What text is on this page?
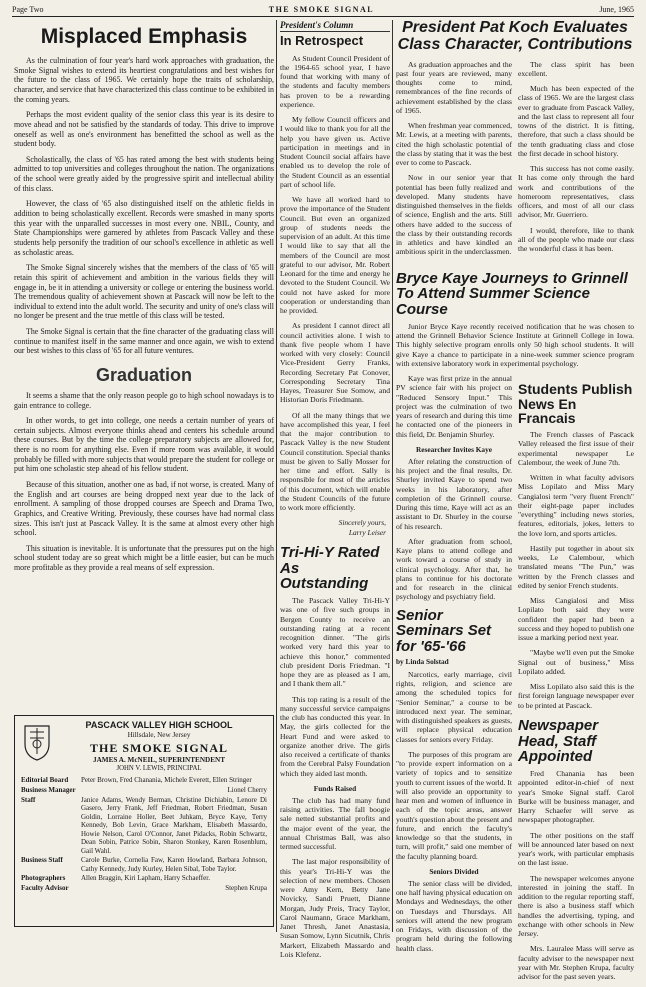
Page Two	THE SMOKE SIGNAL	June, 1965
Misplaced Emphasis

As the culmination of four year's hard work approaches with graduation, the Smoke Signal wishes to extend its heartiest congratulations and best wishes for the future to the class of 1965. We certainly hope the traits of scholarship, character, and service that have characterized this class continue to be exhibited in the coming years.

Perhaps the most evident quality of the senior class this year is its desire to move ahead and not be satisfied by the standards of today. This drive to improve oneself as well as one's environment has benefitted the school as well as the student body.

Scholastically, the class of '65 has rated among the best with students being admitted to top universities and colleges throughout the nation. The organizations of the school were greatly aided by the progressive spirit and intellectual ability of this class.

However, the class of '65 also distinguished itself on the athletic fields in addition to being scholastically excellent. Records were smashed in many sports this year with the unparalled successes in most every one. NBIL, County, and State Championships were garnered by athletes from Pascack Valley and these students help personify the tradition of our school's excellence in athletic as well as scholastic areas.

The Smoke Signal sincerely wishes that the members of the class of '65 will retain this spirit of achievement and ambition in the various fields they will engage in, be it in attending a university or college or entering the business world. The tremendous quality of achievement shown at Pascack will now be left to the individual to extend into the adult world. The security and unity of one's class will no longer be present and the true mettle of this class will be tested.

The Smoke Signal is certain that the fine character of the graduating class will continue to manifest itself in the same manner and once again, we wish to extend our best wishes to this class of '65 for all future ventures.

Graduation

It seems a shame that the only reason people go to high school nowadays is to gain entrance to college.

In other words, to get into college, one needs a certain number of years of certain subjects. Almost everyone thinks ahead and centers his schedule around these courses. But by the time the college preparatory subjects are allowed for, there is no room for anything else. Even if more room was available, it would probably be filled with more subjects that would prepare the student for college or put him one scholastic step ahead of his fellow student.

Because of this situation, another one as bad, if not worse, is created. Many of the English and art courses are being dropped next year due to the lack of enrollment. A sampling of those dropped courses are Speech and Drama Two, Graphics, and Creative Writing. Previously, these courses have had normal class sizes. This isn't just at Pascack Valley. It is the same at almost every other high school.

This situation is inevitable. It is unfortunate that the pressures put on the high school student today are so great which might be a little easier, but can be much more profitable as they provide a real means of self expression.

PASCACK VALLEY HIGH SCHOOL
Hillsdale, New Jersey
THE SMOKE SIGNAL
JAMES A. McNEIL, SUPERINTENDENT
JOHN V. LEWIS, PRINCIPAL
Editorial Board	Peter Brown, Fred Chanania, Michele Everett, Ellen Stringer
Business Manager	Lionel Cherry
Staff	Janice Adams, Wendy Berman, Christine Dichiabin, Lenore Di Gasero, Jerry Frank, Jeff Friedman, Robert Friedman, Susan Goldin, Lorraine Holler, Beet Juhkam, Bryce Kaye, Terry Kennedy, Bob Levin, Grace Markham, Elisabeth Massardo, Howie Nelson, Carol O'Connor, Janet Pidacks, Robin Schwartz, Dean Sobin, Patrice Sobin, Sharon Stonkey, Karen Rosenblum, Gail Wahl.
Business Staff	Carole Burke, Cornelia Faw, Karen Howland, Barbara Johnson, Cathy Kennedy, Judy Kurley, Helen Sibal, Tobe Taylor.
Photographers	Allen Braggin, Kiri Lapham, Harry Schaeffer.
Faculty Advisor	Stephen Krupa
President's Column
In Retrospect

As Student Council President of the 1964-65 school year, I have found that working with many of the students and faculty members has proven to be a rewarding experience.

My fellow Council officers and I would like to thank you for all the help you have given us. Active participation in meetings and in Student Council social affairs have enabled us to develop the role of the Student Council as an essential part of school life.

We have all worked hard to prove the importance of the Student Council. But even an organized group of students needs the supervision of an adult. At this time I would like to say that all the members of the Council are most grateful to our advisor, Mr. Robert Leonard for the time and energy he devoted to the Student Council. We could not have asked for more cooperation or understanding than he provided.

As president I cannot direct all council activities alone. I wish to thank five people whom I have worked with very closely: Council Vice-President Gerry Franks, Recording Secretary Pat Conover, Corresponding Secretary Tina Hayes, Treasurer Sue Somow, and Historian Doris Friedmann.

Of all the many things that we have accomplished this year, I feel that the major contribution to Pascack Valley is the new Student Council constitution. Special thanks must be given to Sally Mosser for her time and effort. Sally is responsible for most of the articles of this document, which will enable the Student Councils of the future to work more efficiently.

Sincerely yours,
Larry Leiser
Tri-Hi-Y Rated As Outstanding

The Pascack Valley Tri-Hi-Y was one of five such groups in Bergen County to receive an outstanding rating at a recent recognition dinner. "The girls worked very hard this year to achieve this honor," commented club president Doris Friedman. "I hope they are as pleased as I am, and I thank them all."

This top rating is a result of the many successful service campaigns the club has conducted this year. In May, the girls collected for the Heart Fund and were asked to organize another drive. The girls also received a certificate of thanks from the Cerebral Palsy Foundation which they aided last month.

Funds Raised

The club has had many fund raising activities. The fall boogie sale netted substantial profits and the major event of the year, the annual Christmas Ball, was also termed successful.

The last major responsibility of this year's Tri-Hi-Y was the selection of new members. Chosen were Amy Kern, Betty Jane Novicky, Sandi Pruett, Dianne Morgan, Judy Preis, Tracy Taylor, Carol Naumann, Grace Markham, Janet Thresh, Janet Anastasia, Susan Somow, Lynn Sicutnik, Chris Markert, Elizabeth Massardo and Lois Klefenz.

President Pat Koch Evaluates Class Character, Contributions

As graduation approaches and the past four years are reviewed, many thoughts come to mind, remembrances of the fine records of achievement established by the class of 1965.

When freshman year commenced, Mr. Lewis, at a meeting with parents, cited the high scholastic potential of the class by stating that it was the best ever to come to Pascack.

Now in our senior year that potential has been fully realized and developed. Many students have distinguished themselves in the fields of science, English and the arts. Still others have added to the success of the class by their outstanding records in athletics and have kindled an ambitious spirit in the underclassmen.

The class spirit has been excellent.

Much has been expected of the class of 1965. We are the largest class ever to graduate from Pascack Valley, and the last class to represent all four towns of the district. It is fitting, therefore, that such a class should be the tenth graduating class and close the first decade in school history.

This success has not come easily. It has come only through the hard work and contributions of the homeroom representatives, class officers, and most of all our class advisor, Mr. Guerriero.

I would, therefore, like to thank all of the people who made our class the wonderful class it has been.

Bryce Kaye Journeys to Grinnell To Attend Summer Science Course

Junior Bryce Kaye recently received notification that he was chosen to attend the Grinnell Behavior Science Institute at Grinnell College in Iowa. This highly selective program enrolls only 50 high school students. It will give Kaye a chance to participate in a nine-week summer science program with extensive laboratory work in experimental psychology.

Kaye was first prize in the annual PV science fair with his project on "Reduced Sensory Input." This project was the culmination of two years of research and during this time he contacted one of the pioneers in this field, Dr. Benjamin Shurley.

Researcher Invites Kaye

After relating the construction of his project and the final results, Dr. Shurley invited Kaye to spend two weeks in his laboratory, after completion of the Grinnell course. During this time, Kaye will act as an assistant to Dr. Shurley in the course of his research.

After graduation from school, Kaye plans to attend college and work toward a course of study in clinical psychology. After that, he plans to continue for his doctorate and for research in the clinical psychology and psychiatry field.

Senior Seminars Set for '65-'66
by Linda Solstad

Narcotics, early marriage, civil rights, religion, and science are among the scheduled topics for "Senior Seminar," a course to be introduced next year. The seminar, with distinguished speakers as guests, will replace physical education classes for seniors every Friday.

The purposes of this program are "to provide expert information on a variety of topics and to sensitize youth to current issues of the world. It will also provide an opportunity to hear men and women of influence in each of the topic areas, answer youth's question about the present and future, and enrich the faculty's knowledge so that the students, in turn, will profit," said one member of the faculty planning board.

Seniors Divided

The senior class will be divided, one half having physical education on Mondays and Wednesdays, the other on Tuesdays and Thursdays. All seniors will attend the new program on Fridays, with discussion of the program held during the following health class.

Students Publish News En Francais

The French classes of Pascack Valley released the first issue of their experimental newspaper Le Calembour, the week of June 7th.

Written in what faculty advisors Miss Lopilato and Miss Mary Cangialosi term "very fluent French" their eight-page paper includes "everything" including news stories, features, editorials, jokes, letters to the love lorn, and sports articles.

Hastily put together in about six weeks, Le Calembour, which translated means "The Pun," was written by the French classes and edited by senior French students.

Miss Cangialosi and Miss Lopilato both said they were confident the paper had been a success and they hoped to publish one issue a marking period next year.

"Maybe we'll even put the Smoke Signal out of business," Miss Lopilato added.

Miss Lopilato also said this is the first foreign language newspaper ever to be printed at Pascack.

Newspaper Head, Staff Appointed

Fred Chanania has been appointed editor-in-chief of next year's Smoke Signal staff. Carol Burke will be business manager, and Harry Schaefer will serve as newspaper photographer.

The other positions on the staff will be announced later based on next year's work, with particular emphasis on the last issue.

The newspaper welcomes anyone interested in joining the staff. In addition to the regular reporting staff, there is also a business staff which handles the advertising, typing, and exchange with other schools in New Jersey.

Mrs. Lauralee Mass will serve as faculty adviser to the newspaper next year with Mr. Stephen Krupa, faculty advisor for the past seven years.
